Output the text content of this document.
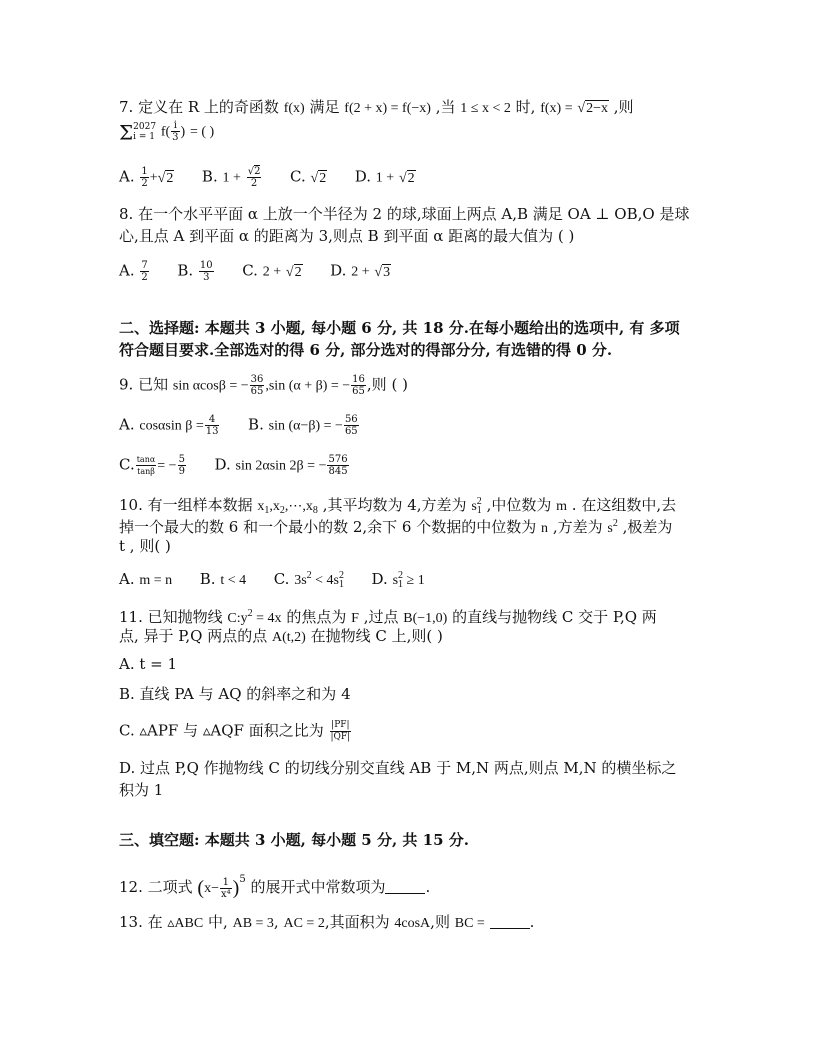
7. 定义在 R 上的奇函数 f(x) 满足 f(2 + x) = f(−x) ,当 1 ≤ x < 2 时, f(x) = √2−x ,则
Σ 2027
i = 1 $f( \frac{i}{3}$ ) = ( )
A. $\frac{1}{2} +√2$ B. $1 + \frac{√2}{2} C$. √2 D. 1 + √2
8. 在一个水平平面 α 上放一个半径为 2 的球,球面上两点 A,B 满足 OA ⊥ OB,O 是球
心,且点 A 到平面 α 的距离为 3,则点 B 到平面 α 距离的最大值为 ( )
A. $\frac{7}{2} B$. $\frac{10}{3} C$. 2 + √2 D. 2 + √3
二、选择题: 本题共 3 小题, 每小题 6 分, 共 18 分.在每小题给出的选项中, 有 多项
符合题目要求.全部选对的得 6 分, 部分选对的得部分分, 有选错的得 0 分.
9. 已知 sin αcosβ = − $\frac{36}{65} ,\sin$ (α + β) = − $\frac{16}{65}$ ,则 ( )
A. cosαsin $\beta = \frac{4}{13} B$. sin (α−β) = − $\frac{56}{65}$
C. $\frac{\tan\alpha}{\tan\beta}$ = − $\frac{5}{9} D$. sin 2αsin 2β = − $\frac{576}{845}$
10. 有一组样本数据 $x_1,x_2,\cdots,x_8$ ,其平均数为 4,方差为 $s^2_1$ ,中位数为 m . 在这组数中,去
掉一个最大的数 6 和一个最小的数 2,余下 6 个数据的中位数为 n ,方差为 $s^2$ ,极差为
t , 则( )
A. m = n B. t < 4 C. $3s^2 < 4s^2_1$ D. $s^2_1 \ge 1$
11. 已知抛物线 $C:y^2 = 4x$ 的焦点为 F ,过点 B(−1,0) 的直线与抛物线 C 交于 P,Q 两
点, 异于 P,Q 两点的点 A(t,2) 在抛物线 C 上,则( )
A. t = 1
B. 直线 PA 与 AQ 的斜率之和为 4
C. ▵APF 与 ▵AQF 面积之比为 $\frac{|PF|}{|QF|}$
D. 过点 P,Q 作抛物线 C 的切线分别交直线 AB 于 M,N 两点,则点 M,N 的横坐标之
积为 1
三、填空题: 本题共 3 小题, 每小题 5 分, 共 15 分.
12. 二项式 $(x- \frac{1}{\text{x⁴}} )^5$ 的展开式中常数项为	.
13. 在 ▵ABC 中, AB = 3, AC = 2,其面积为 4cosA,则 BC =	.
